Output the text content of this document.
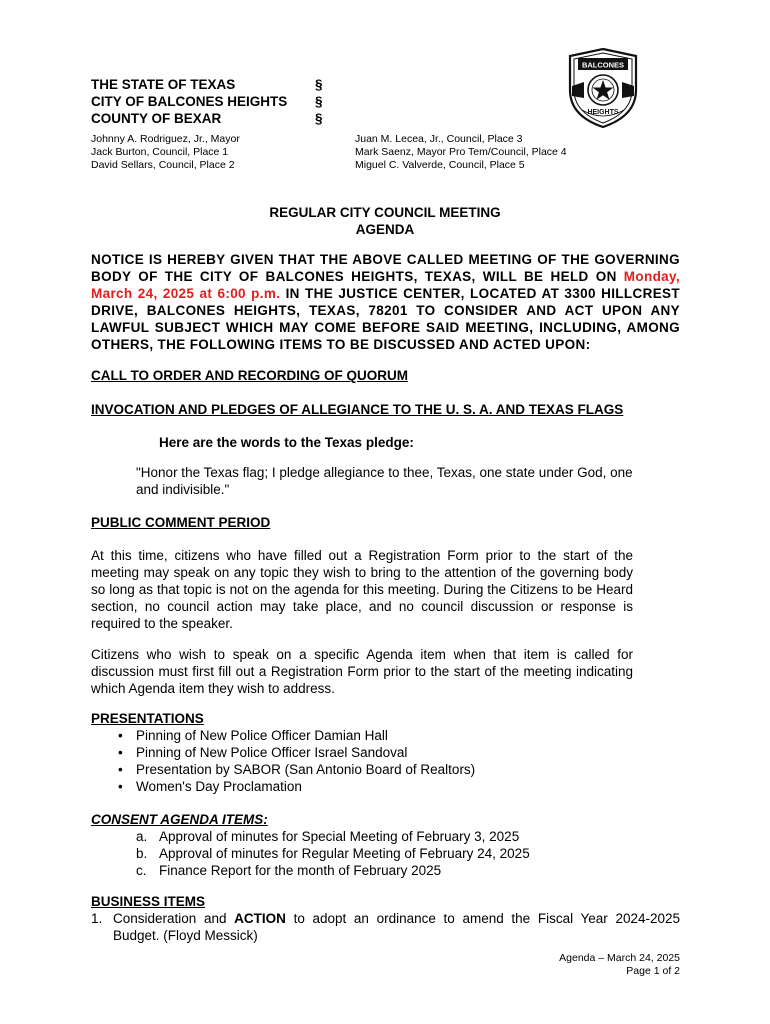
THE STATE OF TEXAS
CITY OF BALCONES HEIGHTS
COUNTY OF BEXAR
§
§
§
BALCONES
HEIGHTS
Johnny A. Rodriguez, Jr., Mayor
Jack Burton, Council, Place 1
David Sellars, Council, Place 2
Juan M. Lecea, Jr., Council, Place 3
Mark Saenz, Mayor Pro Tem/Council, Place 4
Miguel C. Valverde, Council, Place 5
REGULAR CITY COUNCIL MEETING
AGENDA
NOTICE IS HEREBY GIVEN THAT THE ABOVE CALLED MEETING OF THE GOVERNING BODY OF THE CITY OF BALCONES HEIGHTS, TEXAS, WILL BE HELD ON Monday, March 24, 2025 at 6:00 p.m. IN THE JUSTICE CENTER, LOCATED AT 3300 HILLCREST DRIVE, BALCONES HEIGHTS, TEXAS, 78201 TO CONSIDER AND ACT UPON ANY LAWFUL SUBJECT WHICH MAY COME BEFORE SAID MEETING, INCLUDING, AMONG OTHERS, THE FOLLOWING ITEMS TO BE DISCUSSED AND ACTED UPON:
CALL TO ORDER AND RECORDING OF QUORUM
INVOCATION AND PLEDGES OF ALLEGIANCE TO THE U. S. A. AND TEXAS FLAGS
Here are the words to the Texas pledge:
"Honor the Texas flag; I pledge allegiance to thee, Texas, one state under God, one and indivisible."
PUBLIC COMMENT PERIOD
At this time, citizens who have filled out a Registration Form prior to the start of the meeting may speak on any topic they wish to bring to the attention of the governing body so long as that topic is not on the agenda for this meeting. During the Citizens to be Heard section, no council action may take place, and no council discussion or response is required to the speaker.
Citizens who wish to speak on a specific Agenda item when that item is called for discussion must first fill out a Registration Form prior to the start of the meeting indicating which Agenda item they wish to address.
PRESENTATIONS
• Pinning of New Police Officer Damian Hall
• Pinning of New Police Officer Israel Sandoval
• Presentation by SABOR (San Antonio Board of Realtors)
• Women's Day Proclamation
CONSENT AGENDA ITEMS:
a. Approval of minutes for Special Meeting of February 3, 2025
b. Approval of minutes for Regular Meeting of February 24, 2025
c. Finance Report for the month of February 2025
BUSINESS ITEMS
1. Consideration and ACTION to adopt an ordinance to amend the Fiscal Year 2024-2025 Budget. (Floyd Messick)
Agenda – March 24, 2025
Page 1 of 2
